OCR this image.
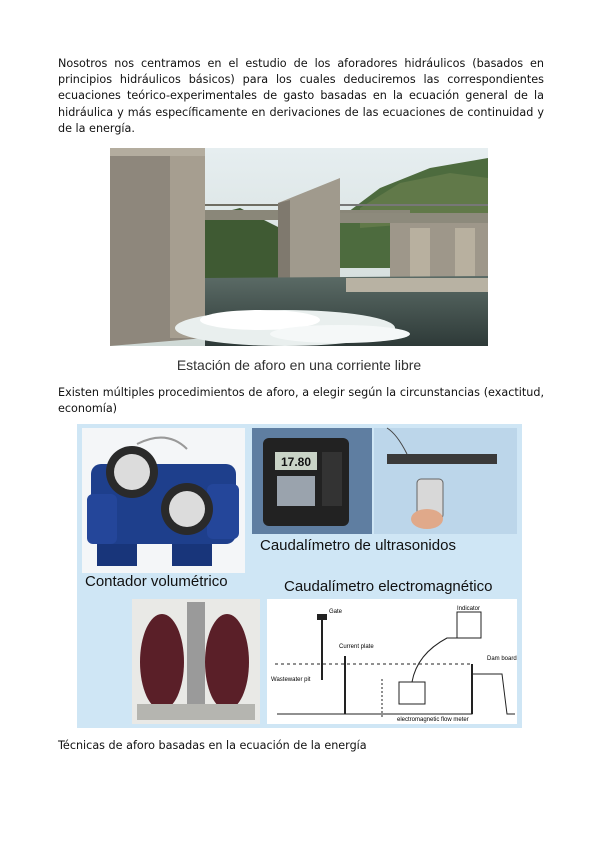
Nosotros nos centramos en el estudio de los aforadores hidráulicos (basados en principios hidráulicos básicos) para los cuales deduciremos las correspondientes ecuaciones teórico-experimentales de gasto basadas en la ecuación general de la hidráulica y más específicamente en derivaciones de las ecuaciones de continuidad y de la energía.
Estación de aforo en una corriente libre
Existen múltiples procedimientos de aforo, a elegir según la circunstancias (exactitud, economía)
17.80
Caudalímetro de ultrasonidos
Contador volumétrico	Caudalímetro electromagnético
Gate	Indicator
Current plate
Dam board
Wastewater pit
electromagnetic flow meter
Técnicas de aforo basadas en la ecuación de la energía
